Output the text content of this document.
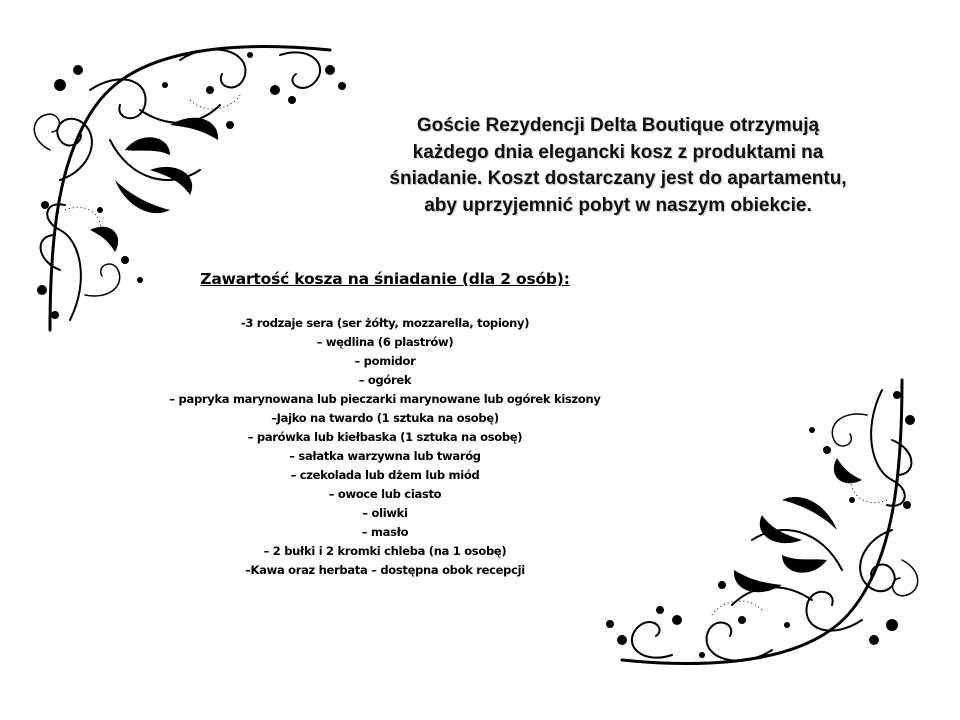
Goście Rezydencji Delta Boutique otrzymują każdego dnia elegancki kosz z produktami na śniadanie. Koszt dostarczany jest do apartamentu, aby uprzyjemnić pobyt w naszym obiekcie.

Zawartość kosza na śniadanie (dla 2 osób):
-3 rodzaje sera (ser żółty, mozzarella, topiony)
– wędlina (6 plastrów)
– pomidor
– ogórek
– papryka marynowana lub pieczarki marynowane lub ogórek kiszony
–Jajko na twardo (1 sztuka na osobę)
– parówka lub kiełbaska (1 sztuka na osobę)
– sałatka warzywna lub twaróg
– czekolada lub dżem lub miód
– owoce lub ciasto
– oliwki
– masło
– 2 bułki i 2 kromki chleba (na 1 osobę)
–Kawa oraz herbata – dostępna obok recepcji
